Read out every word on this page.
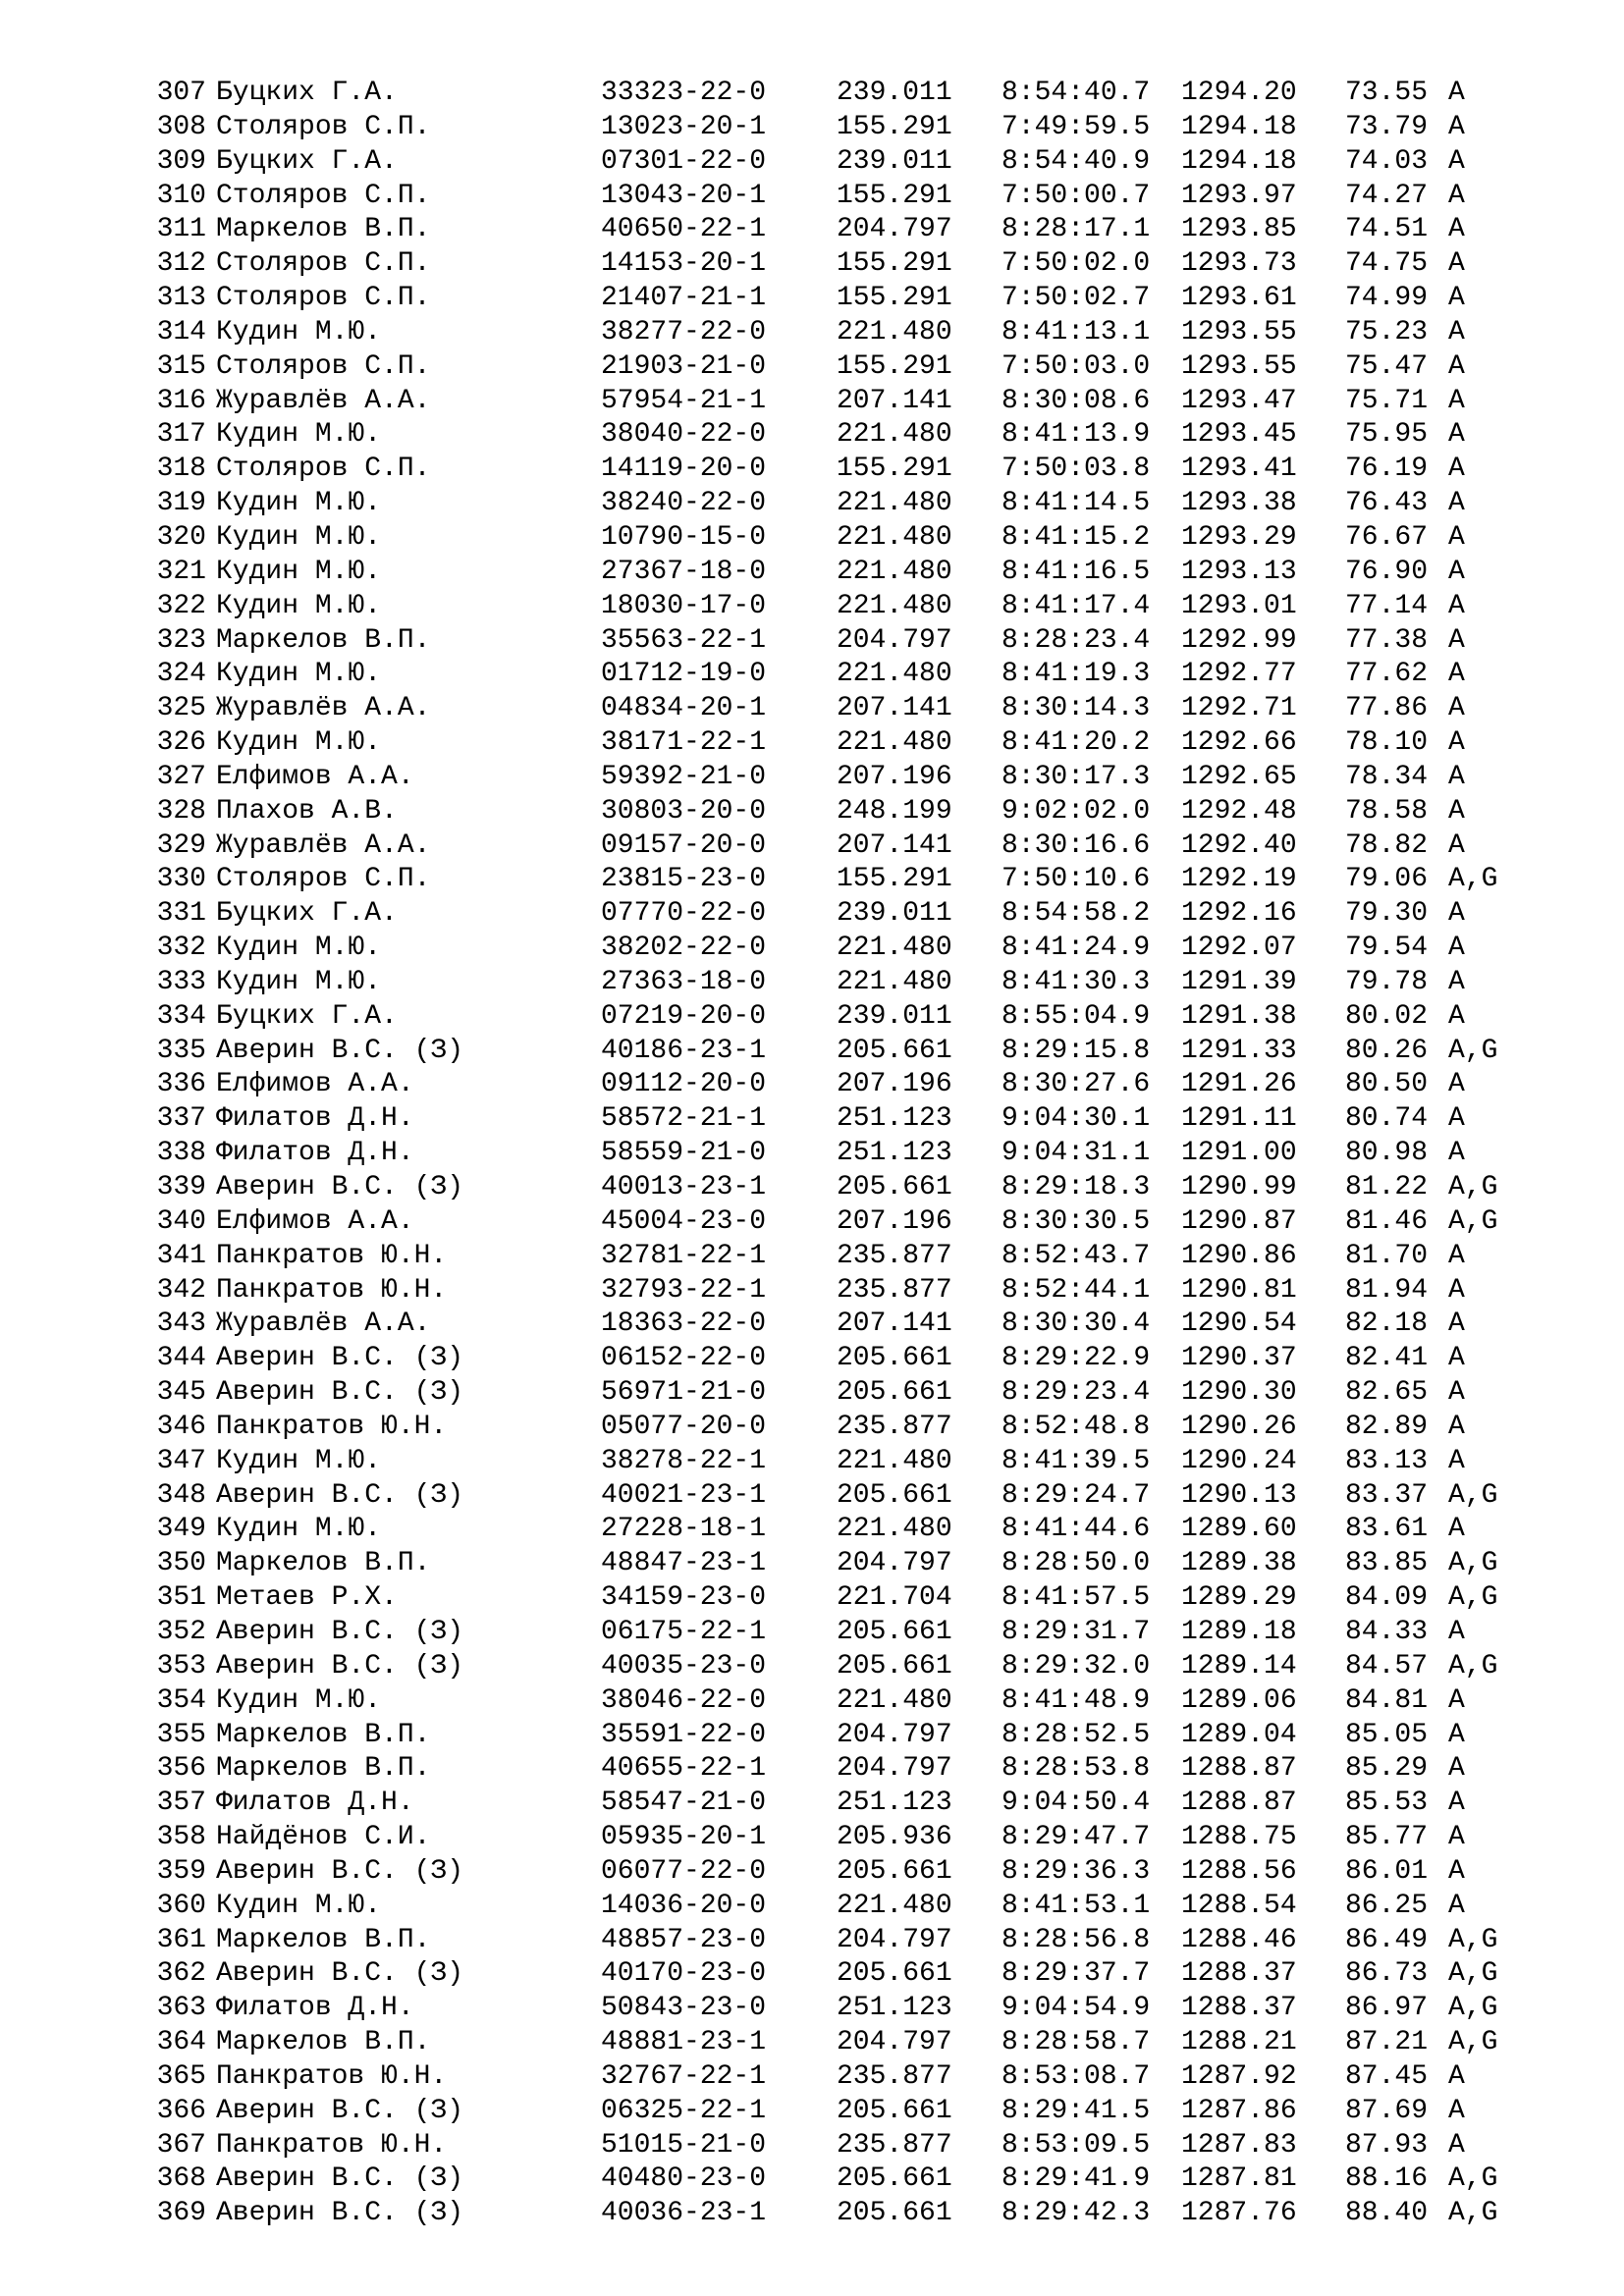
307 Буцких Г.А.	33323-22-0	239.011 8:54:40.7 1294.20 73.55 A
308 Столяров С.П.	13023-20-1	155.291 7:49:59.5 1294.18 73.79 A
309 Буцких Г.А.	07301-22-0	239.011 8:54:40.9 1294.18 74.03 A
310 Столяров С.П.	13043-20-1	155.291 7:50:00.7 1293.97 74.27 A
311 Маркелов В.П.	40650-22-1	204.797 8:28:17.1 1293.85 74.51 A
312 Столяров С.П.	14153-20-1	155.291 7:50:02.0 1293.73 74.75 A
313 Столяров С.П.	21407-21-1	155.291 7:50:02.7 1293.61 74.99 A
314 Кудин М.Ю.	38277-22-0	221.480 8:41:13.1 1293.55 75.23 A
315 Столяров С.П.	21903-21-0	155.291 7:50:03.0 1293.55 75.47 A
316 Журавлёв А.А.	57954-21-1	207.141 8:30:08.6 1293.47 75.71 A
317 Кудин М.Ю.	38040-22-0	221.480 8:41:13.9 1293.45 75.95 A
318 Столяров С.П.	14119-20-0	155.291 7:50:03.8 1293.41 76.19 A
319 Кудин М.Ю.	38240-22-0	221.480 8:41:14.5 1293.38 76.43 A
320 Кудин М.Ю.	10790-15-0	221.480 8:41:15.2 1293.29 76.67 A
321 Кудин М.Ю.	27367-18-0	221.480 8:41:16.5 1293.13 76.90 A
322 Кудин М.Ю.	18030-17-0	221.480 8:41:17.4 1293.01 77.14 A
323 Маркелов В.П.	35563-22-1	204.797 8:28:23.4 1292.99 77.38 A
324 Кудин М.Ю.	01712-19-0	221.480 8:41:19.3 1292.77 77.62 A
325 Журавлёв А.А.	04834-20-1	207.141 8:30:14.3 1292.71 77.86 A
326 Кудин М.Ю.	38171-22-1	221.480 8:41:20.2 1292.66 78.10 A
327 Елфимов А.А.	59392-21-0	207.196 8:30:17.3 1292.65 78.34 A
328 Плахов А.В.	30803-20-0	248.199 9:02:02.0 1292.48 78.58 A
329 Журавлёв А.А.	09157-20-0	207.141 8:30:16.6 1292.40 78.82 A
330 Столяров С.П.	23815-23-0	155.291 7:50:10.6 1292.19 79.06 A,G
331 Буцких Г.А.	07770-22-0	239.011 8:54:58.2 1292.16 79.30 A
332 Кудин М.Ю.	38202-22-0	221.480 8:41:24.9 1292.07 79.54 A
333 Кудин М.Ю.	27363-18-0	221.480 8:41:30.3 1291.39 79.78 A
334 Буцких Г.А.	07219-20-0	239.011 8:55:04.9 1291.38 80.02 A
335 Аверин В.С. (З)	40186-23-1	205.661 8:29:15.8 1291.33 80.26 A,G
336 Елфимов А.А.	09112-20-0	207.196 8:30:27.6 1291.26 80.50 A
337 Филатов Д.Н.	58572-21-1	251.123 9:04:30.1 1291.11 80.74 A
338 Филатов Д.Н.	58559-21-0	251.123 9:04:31.1 1291.00 80.98 A
339 Аверин В.С. (З)	40013-23-1	205.661 8:29:18.3 1290.99 81.22 A,G
340 Елфимов А.А.	45004-23-0	207.196 8:30:30.5 1290.87 81.46 A,G
341 Панкратов Ю.Н.	32781-22-1	235.877 8:52:43.7 1290.86 81.70 A
342 Панкратов Ю.Н.	32793-22-1	235.877 8:52:44.1 1290.81 81.94 A
343 Журавлёв А.А.	18363-22-0	207.141 8:30:30.4 1290.54 82.18 A
344 Аверин В.С. (З)	06152-22-0	205.661 8:29:22.9 1290.37 82.41 A
345 Аверин В.С. (З)	56971-21-0	205.661 8:29:23.4 1290.30 82.65 A
346 Панкратов Ю.Н.	05077-20-0	235.877 8:52:48.8 1290.26 82.89 A
347 Кудин М.Ю.	38278-22-1	221.480 8:41:39.5 1290.24 83.13 A
348 Аверин В.С. (З)	40021-23-1	205.661 8:29:24.7 1290.13 83.37 A,G
349 Кудин М.Ю.	27228-18-1	221.480 8:41:44.6 1289.60 83.61 A
350 Маркелов В.П.	48847-23-1	204.797 8:28:50.0 1289.38 83.85 A,G
351 Метаев Р.Х.	34159-23-0	221.704 8:41:57.5 1289.29 84.09 A,G
352 Аверин В.С. (З)	06175-22-1	205.661 8:29:31.7 1289.18 84.33 A
353 Аверин В.С. (З)	40035-23-0	205.661 8:29:32.0 1289.14 84.57 A,G
354 Кудин М.Ю.	38046-22-0	221.480 8:41:48.9 1289.06 84.81 A
355 Маркелов В.П.	35591-22-0	204.797 8:28:52.5 1289.04 85.05 A
356 Маркелов В.П.	40655-22-1	204.797 8:28:53.8 1288.87 85.29 A
357 Филатов Д.Н.	58547-21-0	251.123 9:04:50.4 1288.87 85.53 A
358 Найдёнов С.И.	05935-20-1	205.936 8:29:47.7 1288.75 85.77 A
359 Аверин В.С. (З)	06077-22-0	205.661 8:29:36.3 1288.56 86.01 A
360 Кудин М.Ю.	14036-20-0	221.480 8:41:53.1 1288.54 86.25 A
361 Маркелов В.П.	48857-23-0	204.797 8:28:56.8 1288.46 86.49 A,G
362 Аверин В.С. (З)	40170-23-0	205.661 8:29:37.7 1288.37 86.73 A,G
363 Филатов Д.Н.	50843-23-0	251.123 9:04:54.9 1288.37 86.97 A,G
364 Маркелов В.П.	48881-23-1	204.797 8:28:58.7 1288.21 87.21 A,G
365 Панкратов Ю.Н.	32767-22-1	235.877 8:53:08.7 1287.92 87.45 A
366 Аверин В.С. (З)	06325-22-1	205.661 8:29:41.5 1287.86 87.69 A
367 Панкратов Ю.Н.	51015-21-0	235.877 8:53:09.5 1287.83 87.93 A
368 Аверин В.С. (З)	40480-23-0	205.661 8:29:41.9 1287.81 88.16 A,G
369 Аверин В.С. (З)	40036-23-1	205.661 8:29:42.3 1287.76 88.40 A,G
